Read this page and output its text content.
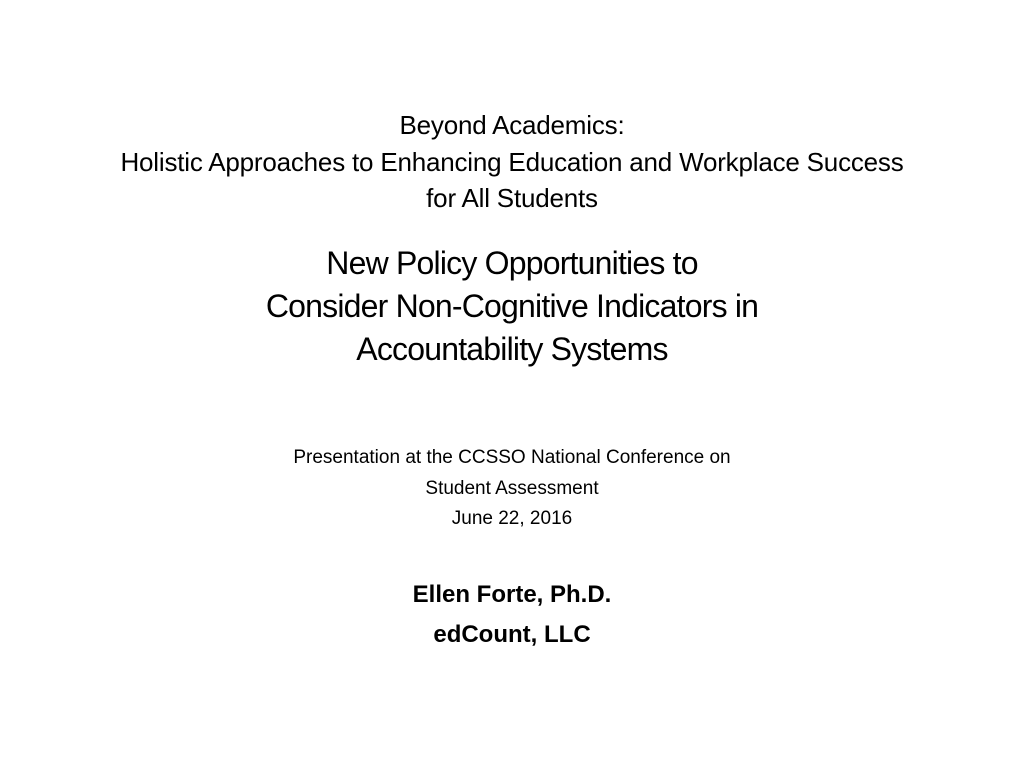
Beyond Academics:
Holistic Approaches to Enhancing Education and Workplace Success
for All Students
New Policy Opportunities to
Consider Non-Cognitive Indicators in
Accountability Systems
Presentation at the CCSSO National Conference on
Student Assessment
June 22, 2016
Ellen Forte, Ph.D.
edCount, LLC
